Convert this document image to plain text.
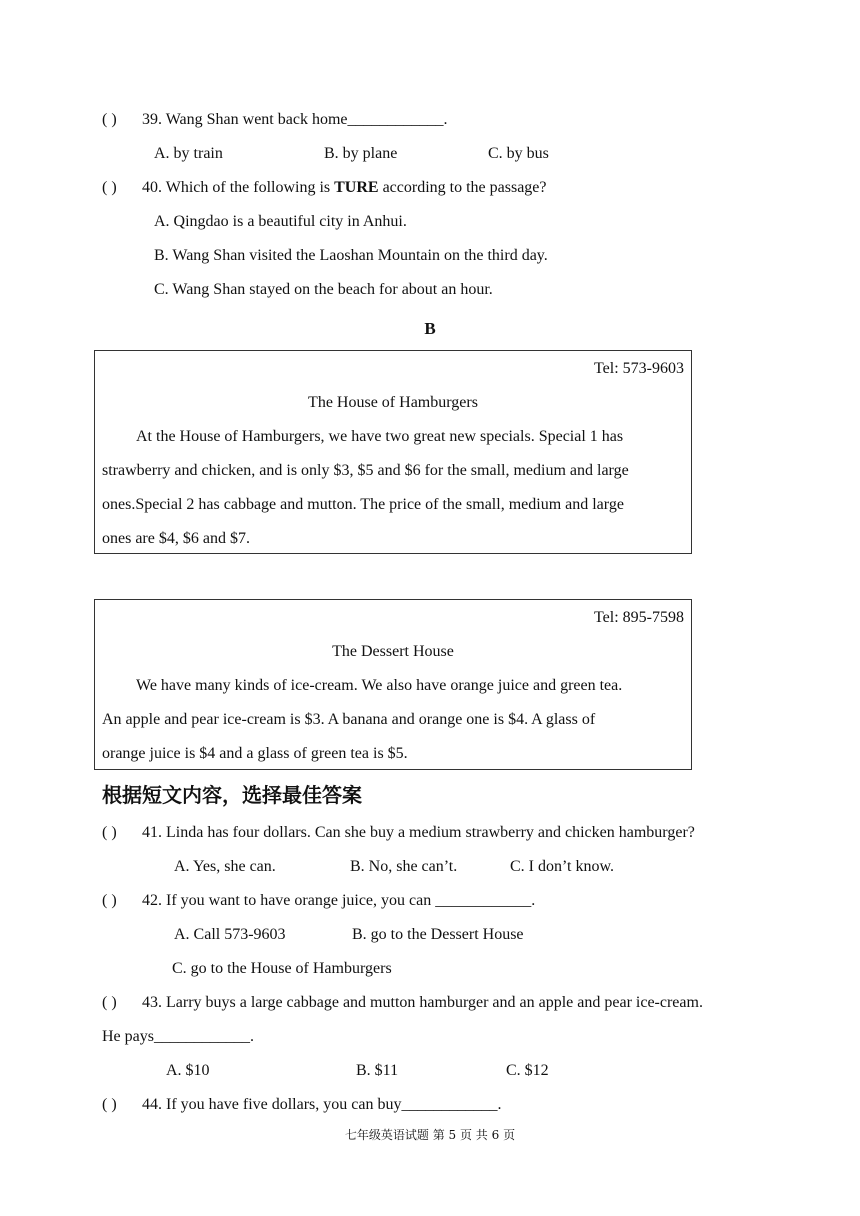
( ) 39. Wang Shan went back home____________.
A. by train	B. by plane	C. by bus
( ) 40. Which of the following is TURE according to the passage?
A. Qingdao is a beautiful city in Anhui.
B. Wang Shan visited the Laoshan Mountain on the third day.
C. Wang Shan stayed on the beach for about an hour.
B
Tel: 573-9603
The House of Hamburgers
At the House of Hamburgers, we have two great new specials. Special 1 has
strawberry and chicken, and is only $3, $5 and $6 for the small, medium and large
ones.Special 2 has cabbage and mutton. The price of the small, medium and large
ones are $4, $6 and $7.
Tel: 895-7598
The Dessert House
We have many kinds of ice-cream. We also have orange juice and green tea.
An apple and pear ice-cream is $3. A banana and orange one is $4. A glass of
orange juice is $4 and a glass of green tea is $5.
根据短文内容，选择最佳答案
( ) 41. Linda has four dollars. Can she buy a medium strawberry and chicken hamburger?
A. Yes, she can.	B. No, she can’t.	C. I don’t know.
( ) 42. If you want to have orange juice, you can ____________.
A. Call 573-9603	B. go to the Dessert House
C. go to the House of Hamburgers
( ) 43. Larry buys a large cabbage and mutton hamburger and an apple and pear ice-cream.
He pays____________.
A. $10	B. $11	C. $12
( ) 44. If you have five dollars, you can buy____________.
七年级英语试题 第 5 页 共 6 页
